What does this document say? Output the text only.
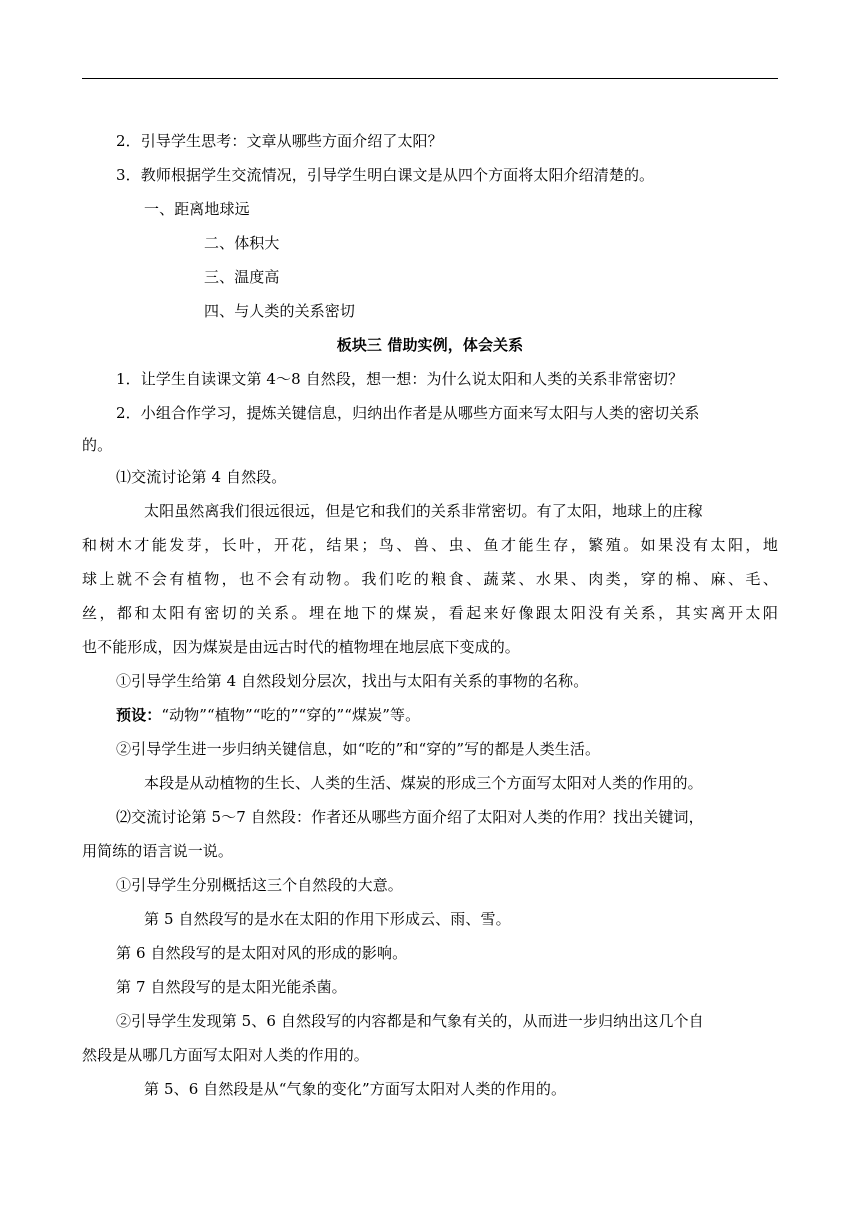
2．引导学生思考：文章从哪些方面介绍了太阳？
3．教师根据学生交流情况，引导学生明白课文是从四个方面将太阳介绍清楚的。
一、距离地球远
二、体积大
三、温度高
四、与人类的关系密切
板块三 借助实例，体会关系
1．让学生自读课文第 4～8 自然段，想一想：为什么说太阳和人类的关系非常密切？
2．小组合作学习，提炼关键信息，归纳出作者是从哪些方面来写太阳与人类的密切关系
的。
⑴交流讨论第 4 自然段。
太阳虽然离我们很远很远，但是它和我们的关系非常密切。有了太阳，地球上的庄稼
和树木才能发芽，长叶，开花，结果；鸟、兽、虫、鱼才能生存，繁殖。如果没有太阳，地
球上就不会有植物，也不会有动物。我们吃的粮食、蔬菜、水果、肉类，穿的棉、麻、毛、
丝，都和太阳有密切的关系。埋在地下的煤炭，看起来好像跟太阳没有关系，其实离开太阳
也不能形成，因为煤炭是由远古时代的植物埋在地层底下变成的。
①引导学生给第 4 自然段划分层次，找出与太阳有关系的事物的名称。
预设：“动物”“植物”“吃的”“穿的”“煤炭”等。
②引导学生进一步归纳关键信息，如“吃的”和“穿的”写的都是人类生活。
本段是从动植物的生长、人类的生活、煤炭的形成三个方面写太阳对人类的作用的。
⑵交流讨论第 5～7 自然段：作者还从哪些方面介绍了太阳对人类的作用？找出关键词，
用简练的语言说一说。
①引导学生分别概括这三个自然段的大意。
第 5 自然段写的是水在太阳的作用下形成云、雨、雪。
第 6 自然段写的是太阳对风的形成的影响。
第 7 自然段写的是太阳光能杀菌。
②引导学生发现第 5、6 自然段写的内容都是和气象有关的，从而进一步归纳出这几个自
然段是从哪几方面写太阳对人类的作用的。
第 5、6 自然段是从“气象的变化”方面写太阳对人类的作用的。
